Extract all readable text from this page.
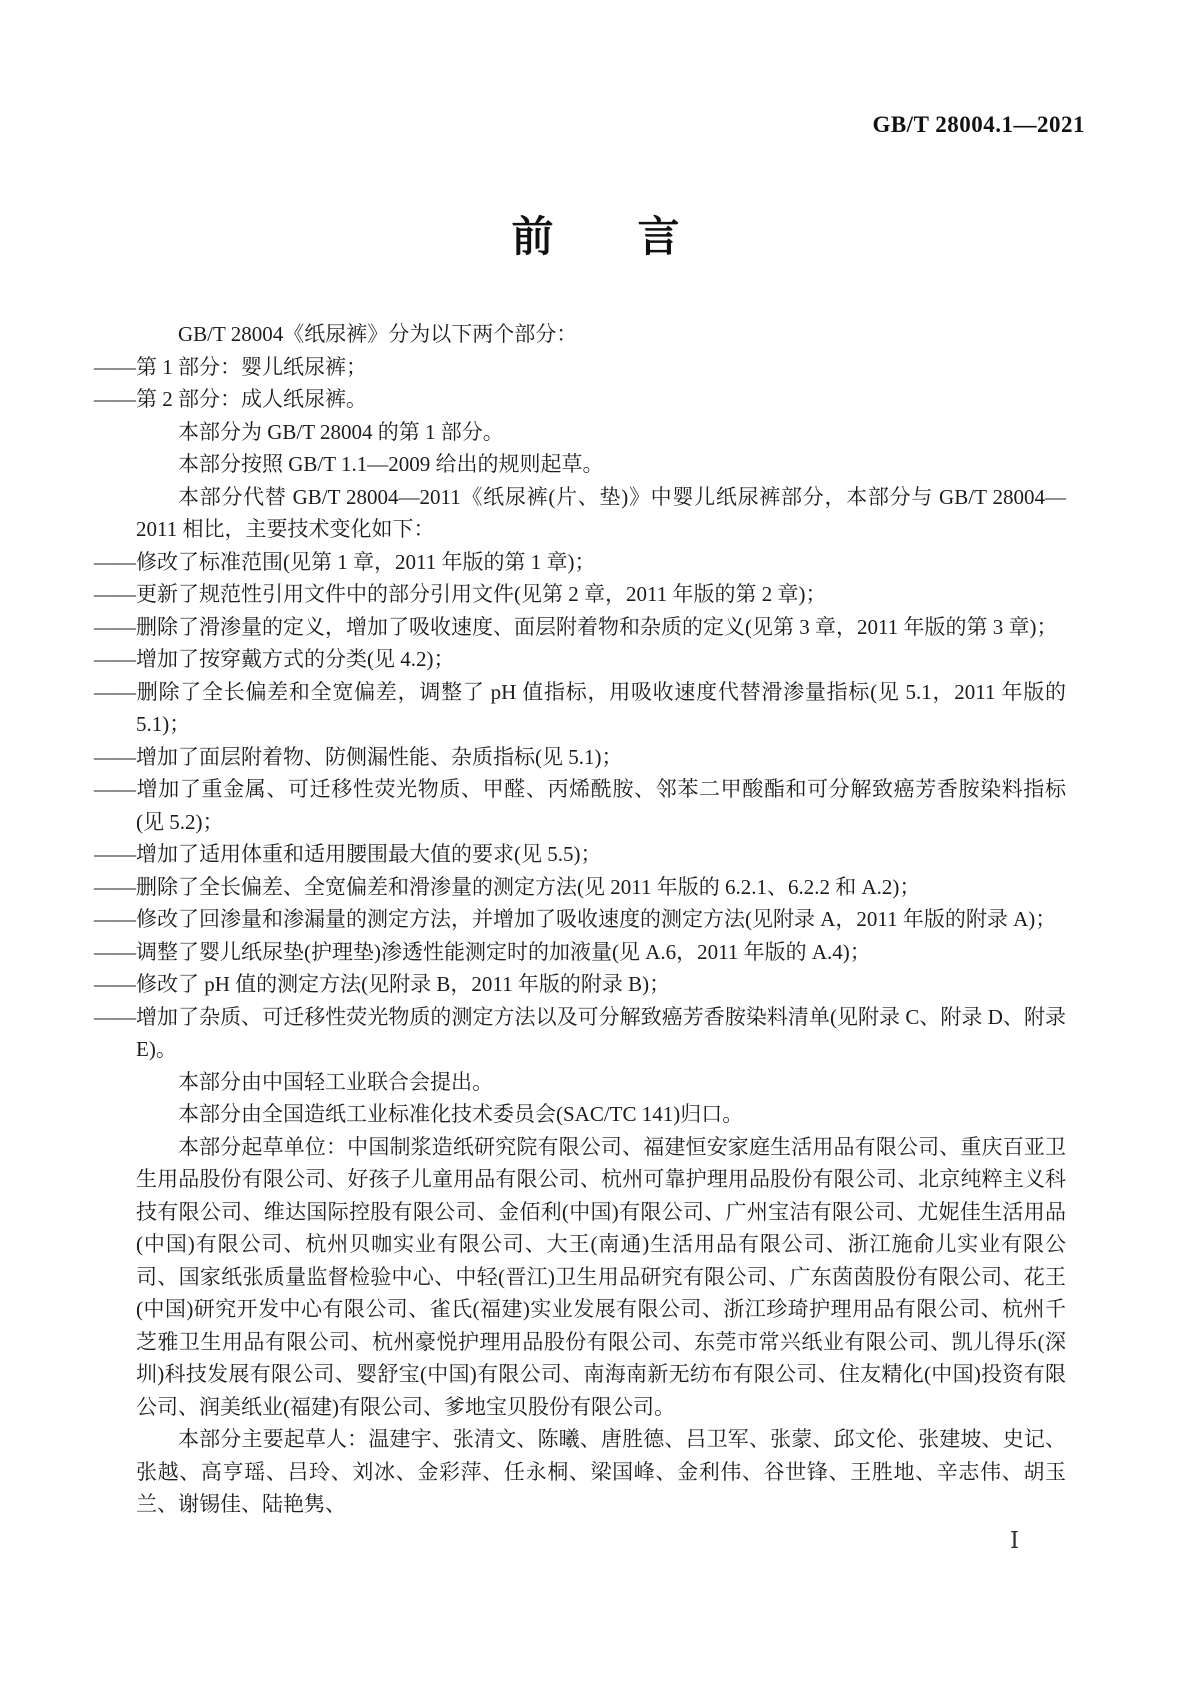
GB/T 28004.1—2021
前　　言

GB/T 28004《纸尿裤》分为以下两个部分：

——第 1 部分：婴儿纸尿裤；

——第 2 部分：成人纸尿裤。

本部分为 GB/T 28004 的第 1 部分。

本部分按照 GB/T 1.1—2009 给出的规则起草。

本部分代替 GB/T 28004—2011《纸尿裤(片、垫)》中婴儿纸尿裤部分，本部分与 GB/T 28004—2011 相比，主要技术变化如下：

——修改了标准范围(见第 1 章，2011 年版的第 1 章)；

——更新了规范性引用文件中的部分引用文件(见第 2 章，2011 年版的第 2 章)；

——删除了滑渗量的定义，增加了吸收速度、面层附着物和杂质的定义(见第 3 章，2011 年版的第 3 章)；

——增加了按穿戴方式的分类(见 4.2)；

——删除了全长偏差和全宽偏差，调整了 pH 值指标，用吸收速度代替滑渗量指标(见 5.1，2011 年版的 5.1)；

——增加了面层附着物、防侧漏性能、杂质指标(见 5.1)；

——增加了重金属、可迁移性荧光物质、甲醛、丙烯酰胺、邻苯二甲酸酯和可分解致癌芳香胺染料指标(见 5.2)；

——增加了适用体重和适用腰围最大值的要求(见 5.5)；

——删除了全长偏差、全宽偏差和滑渗量的测定方法(见 2011 年版的 6.2.1、6.2.2 和 A.2)；

——修改了回渗量和渗漏量的测定方法，并增加了吸收速度的测定方法(见附录 A，2011 年版的附录 A)；

——调整了婴儿纸尿垫(护理垫)渗透性能测定时的加液量(见 A.6，2011 年版的 A.4)；

——修改了 pH 值的测定方法(见附录 B，2011 年版的附录 B)；

——增加了杂质、可迁移性荧光物质的测定方法以及可分解致癌芳香胺染料清单(见附录 C、附录 D、附录 E)。

本部分由中国轻工业联合会提出。

本部分由全国造纸工业标准化技术委员会(SAC/TC 141)归口。

本部分起草单位：中国制浆造纸研究院有限公司、福建恒安家庭生活用品有限公司、重庆百亚卫生用品股份有限公司、好孩子儿童用品有限公司、杭州可靠护理用品股份有限公司、北京纯粹主义科技有限公司、维达国际控股有限公司、金佰利(中国)有限公司、广州宝洁有限公司、尤妮佳生活用品(中国)有限公司、杭州贝咖实业有限公司、大王(南通)生活用品有限公司、浙江施俞儿实业有限公司、国家纸张质量监督检验中心、中轻(晋江)卫生用品研究有限公司、广东茵茵股份有限公司、花王(中国)研究开发中心有限公司、雀氏(福建)实业发展有限公司、浙江珍琦护理用品有限公司、杭州千芝雅卫生用品有限公司、杭州豪悦护理用品股份有限公司、东莞市常兴纸业有限公司、凯儿得乐(深圳)科技发展有限公司、婴舒宝(中国)有限公司、南海南新无纺布有限公司、住友精化(中国)投资有限公司、润美纸业(福建)有限公司、爹地宝贝股份有限公司。

本部分主要起草人：温建宇、张清文、陈曦、唐胜德、吕卫军、张蒙、邱文伦、张建坡、史记、张越、高亨瑶、吕玲、刘冰、金彩萍、任永桐、梁国峰、金利伟、谷世锋、王胜地、辛志伟、胡玉兰、谢锡佳、陆艳隽、

Ⅰ
